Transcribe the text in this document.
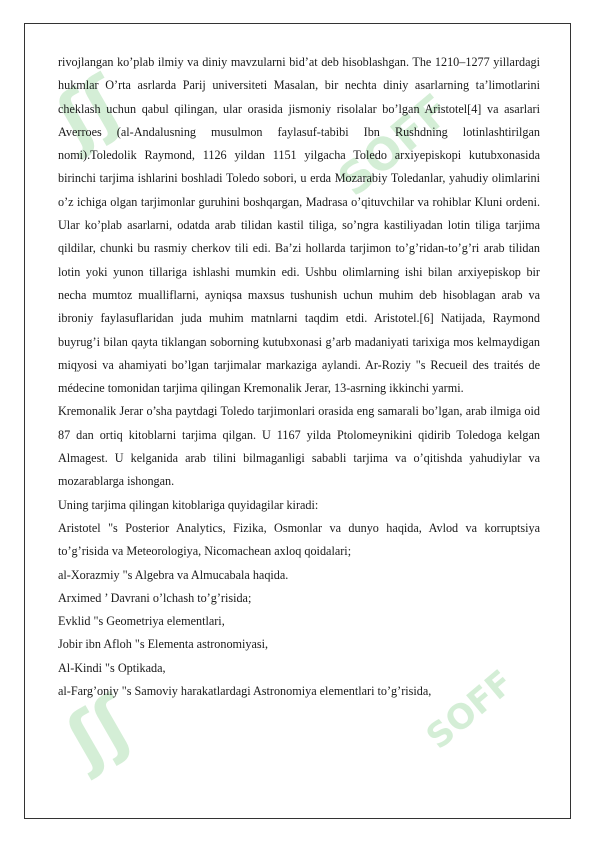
ʃʃ	SOFF
ʃʃ	SOFF

rivojlangan ko’plab ilmiy va diniy mavzularni bid’at deb hisoblashgan. The 1210–1277 yillardagi hukmlar O’rta asrlarda Parij universiteti Masalan, bir nechta diniy asarlarning ta’limotlarini cheklash uchun qabul qilingan, ular orasida jismoniy risolalar bo’lgan Aristotel[4] va asarlari Averroes (al-Andalusning musulmon faylasuf-tabibi Ibn Rushdning lotinlashtirilgan nomi).Toledolik Raymond, 1126 yildan 1151 yilgacha Toledo arxiyepiskopi kutubxonasida birinchi tarjima ishlarini boshladi Toledo sobori, u erda Mozarabiy Toledanlar, yahudiy olimlarini o’z ichiga olgan tarjimonlar guruhini boshqargan, Madrasa o’qituvchilar va rohiblar Kluni ordeni. Ular ko’plab asarlarni, odatda arab tilidan kastil tiliga, so’ngra kastiliyadan lotin tiliga tarjima qildilar, chunki bu rasmiy cherkov tili edi. Ba’zi hollarda tarjimon to’g’ridan-to’g’ri arab tilidan lotin yoki yunon tillariga ishlashi mumkin edi. Ushbu olimlarning ishi bilan arxiyepiskop bir necha mumtoz mualliflarni, ayniqsa maxsus tushunish uchun muhim deb hisoblagan arab va ibroniy faylasuflaridan juda muhim matnlarni taqdim etdi. Aristotel.[6] Natijada, Raymond buyrug’i bilan qayta tiklangan soborning kutubxonasi g’arb madaniyati tarixiga mos kelmaydigan miqyosi va ahamiyati bo’lgan tarjimalar markaziga aylandi. Ar-Roziy "s Recueil des traités de médecine tomonidan tarjima qilingan Kremonalik Jerar, 13-asrning ikkinchi yarmi.

Kremonalik Jerar o’sha paytdagi Toledo tarjimonlari orasida eng samarali bo’lgan, arab ilmiga oid 87 dan ortiq kitoblarni tarjima qilgan. U 1167 yilda Ptolomeynikini qidirib Toledoga kelgan Almagest. U kelganida arab tilini bilmaganligi sababli tarjima va o’qitishda yahudiylar va mozarablarga ishongan.

Uning tarjima qilingan kitoblariga quyidagilar kiradi:

Aristotel "s Posterior Analytics, Fizika, Osmonlar va dunyo haqida, Avlod va korruptsiya to’g’risida va Meteorologiya, Nicomachean axloq qoidalari;

al-Xorazmiy "s Algebra va Almucabala haqida.

Arximed ’ Davrani o’lchash to’g’risida;

Evklid "s Geometriya elementlari,

Jobir ibn Afloh "s Elementa astronomiyasi,

Al-Kindi "s Optikada,

al-Farg’oniy "s Samoviy harakatlardagi Astronomiya elementlari to’g’risida,
